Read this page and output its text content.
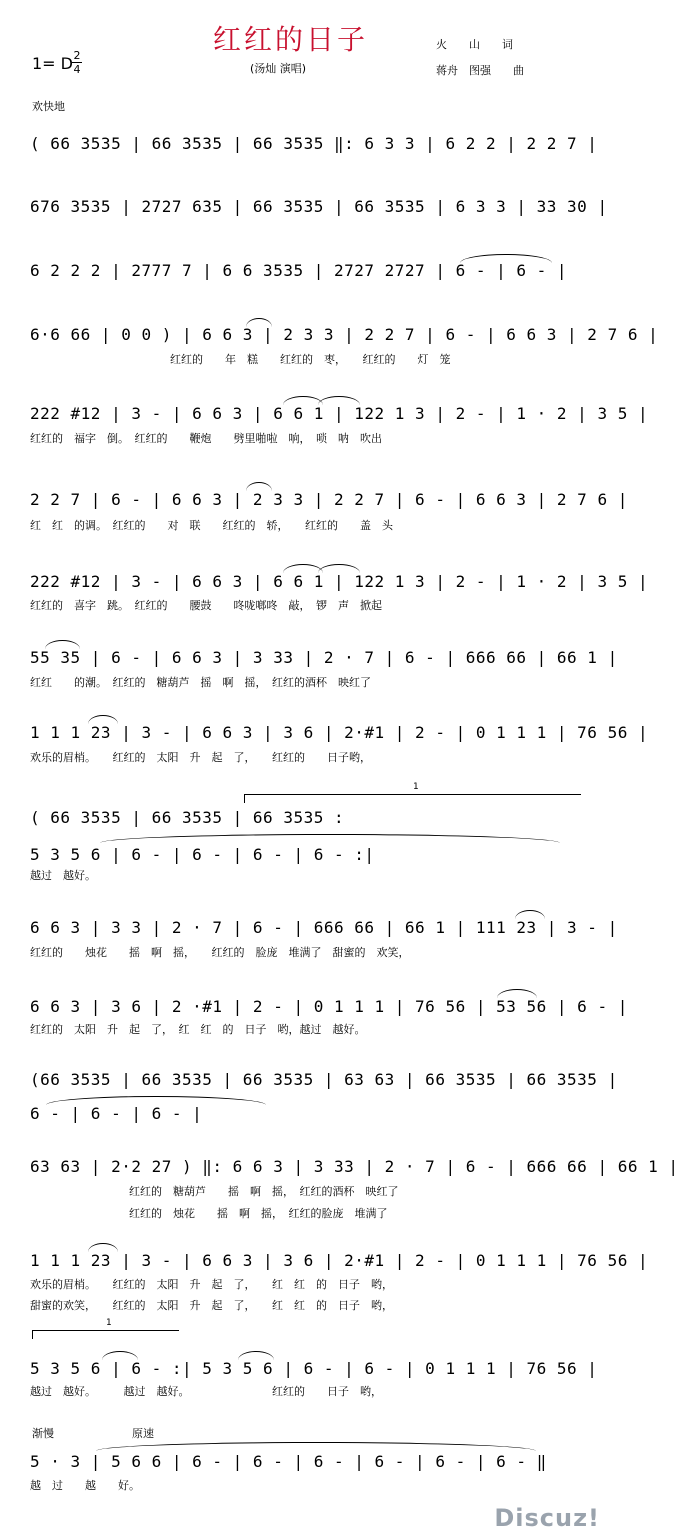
红红的日子
1= D 2
4	(汤灿 演唱)
火　　山　　词
蒋舟　图强　　曲
欢快地
( 66 3535 | 66 3535 | 66 3535 ‖: 6 3 3 | 6 2 2 | 2 2 7 |
676 3535 | 2727 635 | 66 3535 | 66 3535 | 6 3 3 | 33 30 |
6 2 2 2 | 2777 7 | 6 6 3535 | 2727 2727 | 6 - | 6 - |
6·6 66 | 0 0 ) | 6 6 3 | 2 3 3 | 2 2 7 | 6 - | 6 6 3 | 2 7 6 |
红红的　　年　糕　　红红的　枣，　　红红的　　灯　笼
222 #12 | 3 - | 6 6 3 | 6 6 1 | 122 1 3 | 2 - | 1 · 2 | 3 5 |
红红的　福字　倒。　红红的　　鞭炮　　劈里啪啦　响，　唢　呐　吹出
2 2 7 | 6 - | 6 6 3 | 2 3 3 | 2 2 7 | 6 - | 6 6 3 | 2 7 6 |
红　红　的调。　红红的　　对　联　　红红的　轿，　　红红的　　盖　头
222 #12 | 3 - | 6 6 3 | 6 6 1 | 122 1 3 | 2 - | 1 · 2 | 3 5 |
红红的　喜字　跳。　红红的　　腰鼓　　咚咙啷咚　敲，　锣　声　掀起
55 35 | 6 - | 6 6 3 | 3 33 | 2 · 7 | 6 - | 666 66 | 66 1 |
红红　　的潮。　红红的　糖葫芦　摇　啊　摇，　红红的酒杯　映红了
1 1 1 23 | 3 - | 6 6 3 | 3 6 | 2·#1 | 2 - | 0 1 1 1 | 76 56 |
欢乐的眉梢。　　红红的　太阳　升　起　了，　　红红的　　日子哟，
1
( 66 3535 | 66 3535 | 66 3535 :
5 3 5 6 | 6 - | 6 - | 6 - | 6 - :|
越过　越好。
6 6 3 | 3 3 | 2 · 7 | 6 - | 666 66 | 66 1 | 111 23 | 3 - |
红红的　　烛花　　摇　啊　摇，　　红红的　脸庞　堆满了　甜蜜的　欢笑，
6 6 3 | 3 6 | 2 ·#1 | 2 - | 0 1 1 1 | 76 56 | 53 56 | 6 - |
红红的　太阳　升　起　了，　红　红　的　日子　哟，越过　越好。
(66 3535 | 66 3535 | 66 3535 | 63 63 | 66 3535 | 66 3535 |
6 - | 6 - | 6 - |
63 63 | 2·2 27 ) ‖: 6 6 3 | 3 33 | 2 · 7 | 6 - | 666 66 | 66 1 |
　　　　　　　　　红红的　糖葫芦　　摇　啊　摇，　红红的酒杯　映红了
　　　　　　　　　红红的　烛花　　摇　啊　摇，　红红的脸庞　堆满了
1 1 1 23 | 3 - | 6 6 3 | 3 6 | 2·#1 | 2 - | 0 1 1 1 | 76 56 |
欢乐的眉梢。　　红红的　太阳　升　起　了，　　红　红　的　日子　哟，
甜蜜的欢笑，　　红红的　太阳　升　起　了，　　红　红　的　日子　哟，
1
5 3 5 6 | 6 - :| 5 3 5 6 | 6 - | 6 - | 0 1 1 1 | 76 56 |
越过　越好。　　　越过　越好。　　　　　　　　红红的　　日子　哟，
渐慢	原速
5 · 3 | 5 6 6 | 6 - | 6 - | 6 - | 6 - | 6 - | 6 - ‖
越　过　　越　　好。
Discuz!
